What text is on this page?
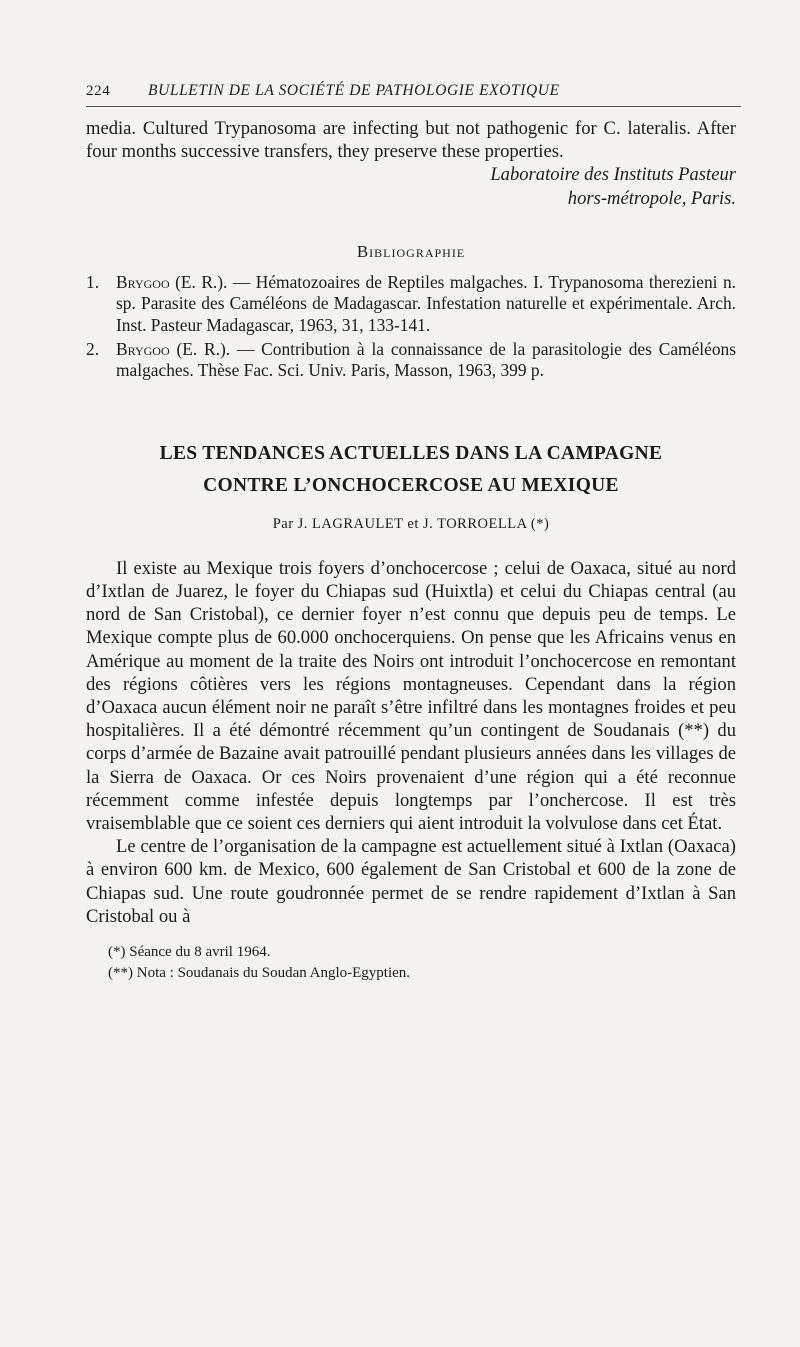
224	BULLETIN DE LA SOCIÉTÉ DE PATHOLOGIE EXOTIQUE

media. Cultured Trypanosoma are infecting but not pathogenic for C. lateralis. After four months successive transfers, they preserve these properties.

Laboratoire des Instituts Pasteur

hors-métropole, Paris.

Bibliographie
1. Brygoo (E. R.). — Hématozoaires de Reptiles malgaches. I. Trypanosoma therezieni n. sp. Parasite des Caméléons de Madagascar. Infestation naturelle et expérimentale. Arch. Inst. Pasteur Madagascar, 1963, 31, 133-141.
2. Brygoo (E. R.). — Contribution à la connaissance de la parasitologie des Caméléons malgaches. Thèse Fac. Sci. Univ. Paris, Masson, 1963, 399 p.
LES TENDANCES ACTUELLES DANS LA CAMPAGNE
CONTRE L’ONCHOCERCOSE AU MEXIQUE
Par J. LAGRAULET et J. TORROELLA (*)

Il existe au Mexique trois foyers d’onchocercose ; celui de Oaxaca, situé au nord d’Ixtlan de Juarez, le foyer du Chiapas sud (Huixtla) et celui du Chiapas central (au nord de San Cristobal), ce dernier foyer n’est connu que depuis peu de temps. Le Mexique compte plus de 60.000 onchocerquiens. On pense que les Africains venus en Amérique au moment de la traite des Noirs ont introduit l’onchocercose en remontant des régions côtières vers les régions montagneuses. Cependant dans la région d’Oaxaca aucun élément noir ne paraît s’être infiltré dans les montagnes froides et peu hospitalières. Il a été démontré récemment qu’un contingent de Soudanais (**) du corps d’armée de Bazaine avait patrouillé pendant plusieurs années dans les villages de la Sierra de Oaxaca. Or ces Noirs provenaient d’une région qui a été reconnue récemment comme infestée depuis longtemps par l’onchercose. Il est très vraisemblable que ce soient ces derniers qui aient introduit la volvulose dans cet État.

Le centre de l’organisation de la campagne est actuellement situé à Ixtlan (Oaxaca) à environ 600 km. de Mexico, 600 également de San Cristobal et 600 de la zone de Chiapas sud. Une route goudronnée permet de se rendre rapidement d’Ixtlan à San Cristobal ou à

(*) Séance du 8 avril 1964.
(**) Nota : Soudanais du Soudan Anglo-Egyptien.
